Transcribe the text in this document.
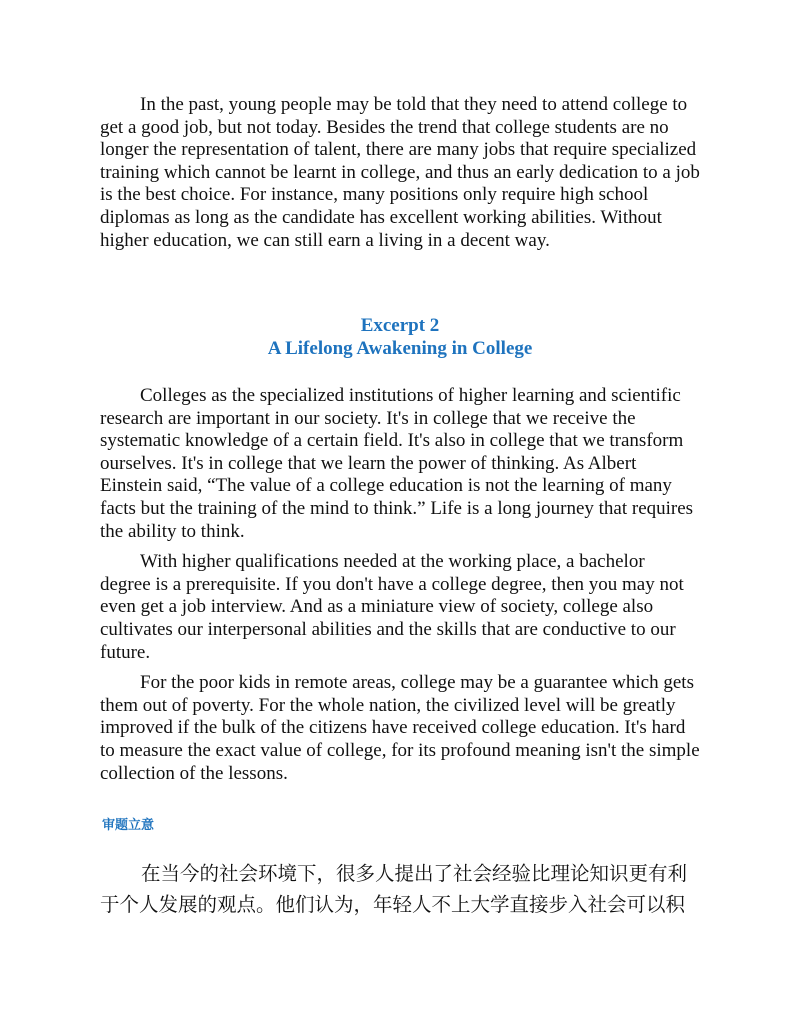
In the past, young people may be told that they need to attend college to get a good job, but not today. Besides the trend that college students are no longer the representation of talent, there are many jobs that require specialized training which cannot be learnt in college, and thus an early dedication to a job is the best choice. For instance, many positions only require high school diplomas as long as the candidate has excellent working abilities. Without higher education, we can still earn a living in a decent way.

Excerpt 2
A Lifelong Awakening in College

Colleges as the specialized institutions of higher learning and scientific research are important in our society. It's in college that we receive the systematic knowledge of a certain field. It's also in college that we transform ourselves. It's in college that we learn the power of thinking. As Albert Einstein said, “The value of a college education is not the learning of many facts but the training of the mind to think.” Life is a long journey that requires the ability to think.

With higher qualifications needed at the working place, a bachelor degree is a prerequisite. If you don't have a college degree, then you may not even get a job interview. And as a miniature view of society, college also cultivates our interpersonal abilities and the skills that are conductive to our future.

For the poor kids in remote areas, college may be a guarantee which gets them out of poverty. For the whole nation, the civilized level will be greatly improved if the bulk of the citizens have received college education. It's hard to measure the exact value of college, for its profound meaning isn't the simple collection of the lessons.

审题立意

在当今的社会环境下，很多人提出了社会经验比理论知识更有利于个人发展的观点。他们认为，年轻人不上大学直接步入社会可以积
